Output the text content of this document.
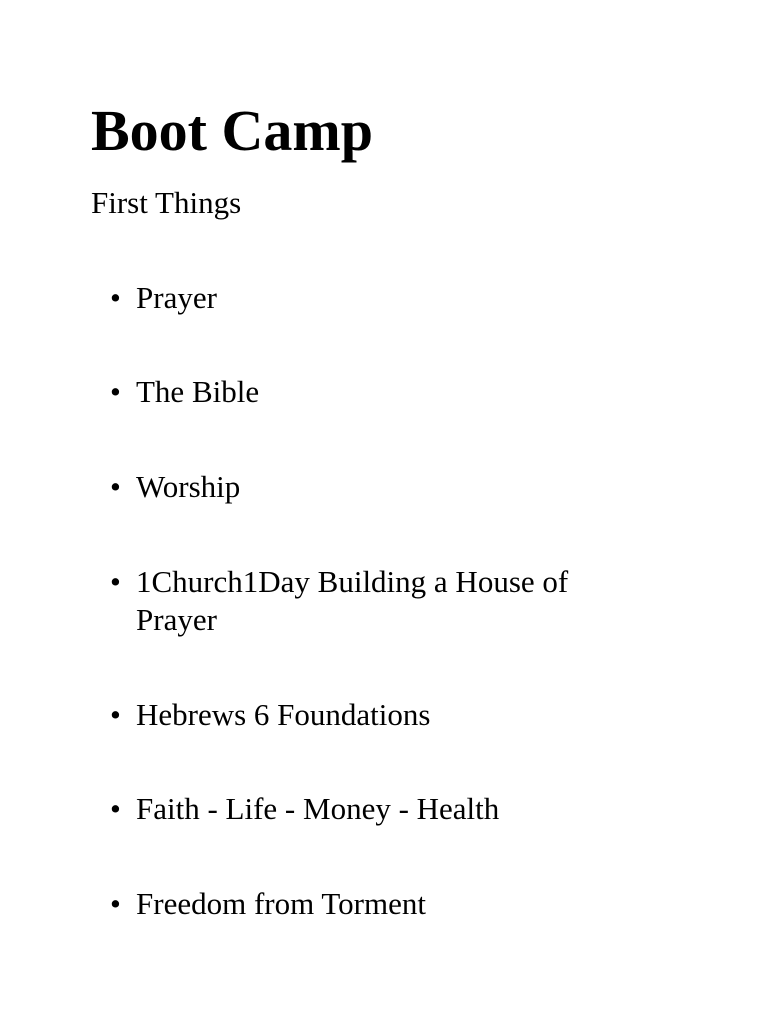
Boot Camp

First Things

• Prayer
• The Bible
• Worship
• 1Church1Day Building a House of Prayer
• Hebrews 6 Foundations
• Faith - Life - Money - Health
• Freedom from Torment
